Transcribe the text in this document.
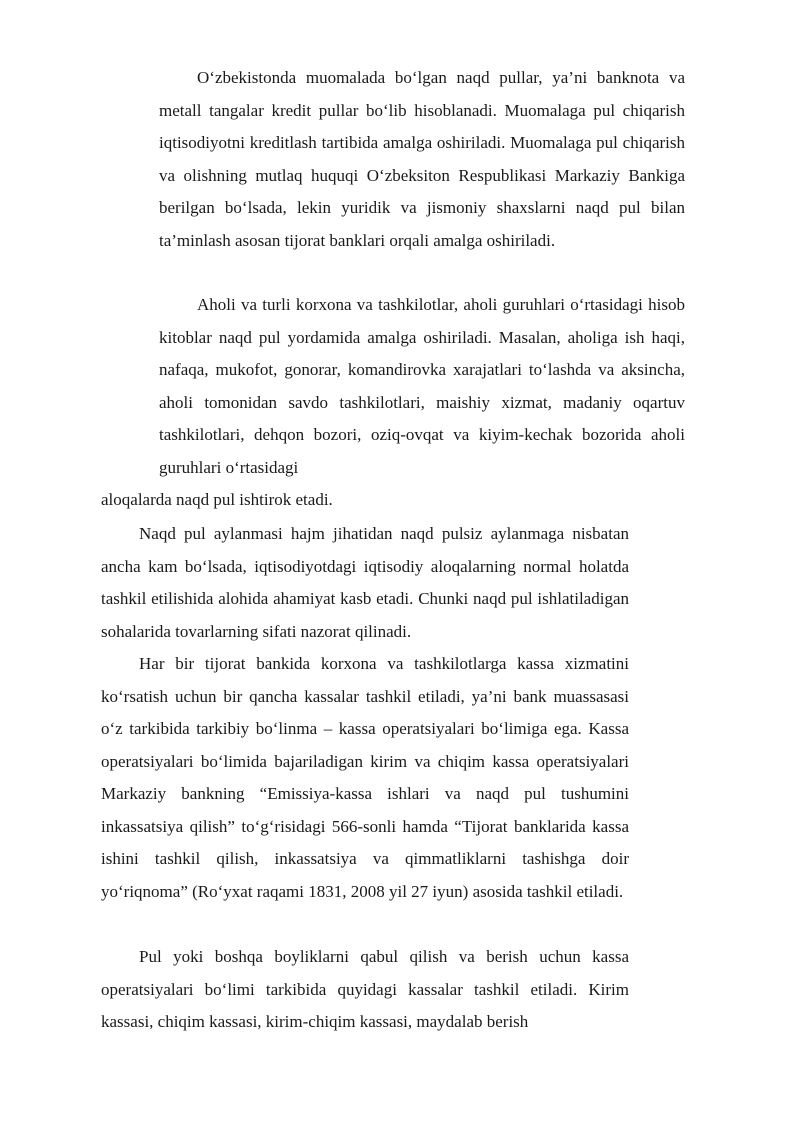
O‘zbekistonda muomalada bo‘lgan naqd pullar, ya’ni banknota va metall tangalar kredit pullar bo‘lib hisoblanadi. Muomalaga pul chiqarish iqtisodiyotni kreditlash tartibida amalga oshiriladi. Muomalaga pul chiqarish va olishning mutlaq huquqi O‘zbeksiton Respublikasi Markaziy Bankiga berilgan bo‘lsada, lekin yuridik va jismoniy shaxslarni naqd pul bilan ta’minlash asosan tijorat banklari orqali amalga oshiriladi.

Aholi va turli korxona va tashkilotlar, aholi guruhlari o‘rtasidagi hisob kitoblar naqd pul yordamida amalga oshiriladi. Masalan, aholiga ish haqi, nafaqa, mukofot, gonorar, komandirovka xarajatlari to‘lashda va aksincha, aholi tomonidan savdo tashkilotlari, maishiy xizmat, madaniy oqartuv tashkilotlari, dehqon bozori, oziq-ovqat va kiyim-kechak bozorida aholi guruhlari o‘rtasidagi

aloqalarda naqd pul ishtirok etadi.

Naqd pul aylanmasi hajm jihatidan naqd pulsiz aylanmaga nisbatan ancha kam bo‘lsada, iqtisodiyotdagi iqtisodiy aloqalarning normal holatda tashkil etilishida alohida ahamiyat kasb etadi. Chunki naqd pul ishlatiladigan sohalarida tovarlarning sifati nazorat qilinadi.

Har bir tijorat bankida korxona va tashkilotlarga kassa xizmatini ko‘rsatish uchun bir qancha kassalar tashkil etiladi, ya’ni bank muassasasi o‘z tarkibida tarkibiy bo‘linma – kassa operatsiyalari bo‘limiga ega. Kassa operatsiyalari bo‘limida bajariladigan kirim va chiqim kassa operatsiyalari Markaziy bankning “Emissiya-kassa ishlari va naqd pul tushumini inkassatsiya qilish” to‘g‘risidagi 566-sonli hamda “Tijorat banklarida kassa ishini tashkil qilish, inkassatsiya va qimmatliklarni tashishga doir yo‘riqnoma” (Ro‘yxat raqami 1831, 2008 yil 27 iyun) asosida tashkil etiladi.

Pul yoki boshqa boyliklarni qabul qilish va berish uchun kassa operatsiyalari bo‘limi tarkibida quyidagi kassalar tashkil etiladi. Kirim kassasi, chiqim kassasi, kirim-chiqim kassasi, maydalab berish
